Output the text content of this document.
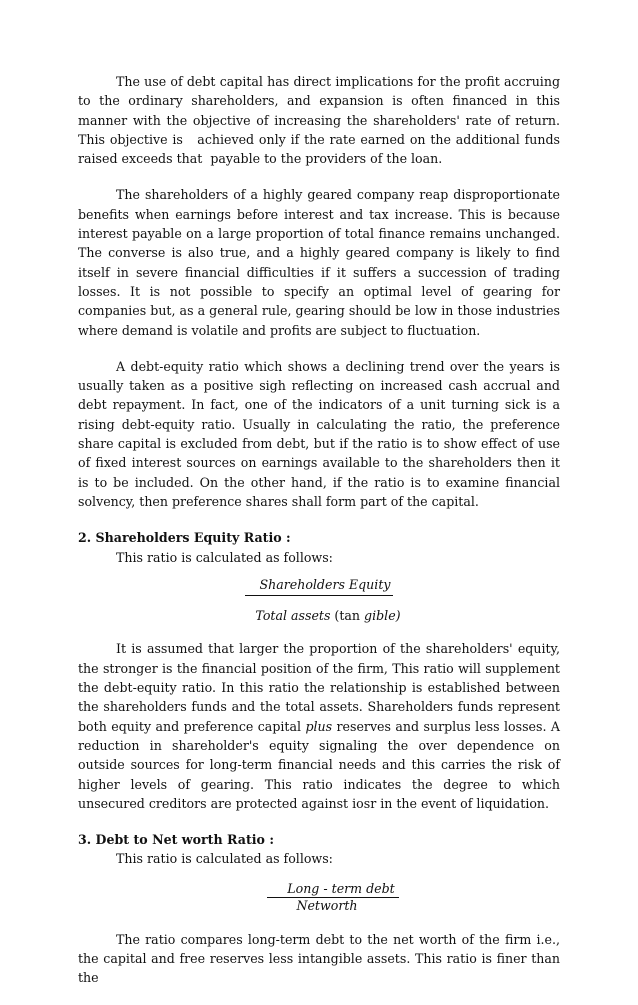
The use of debt capital has direct implications for the profit accruing to the ordinary shareholders, and expansion is often financed in this manner with the objective of increasing the shareholders' rate of return. This objective is   achieved only if the rate earned on the additional funds raised exceeds that  payable to the providers of the loan.

The shareholders of a highly geared company reap disproportionate benefits when earnings before interest and tax increase. This is because interest payable on a large proportion of total finance remains unchanged. The converse is also true, and a highly geared company is likely to find itself in severe financial difficulties if it suffers a succession of trading losses. It is not possible to specify an optimal level of gearing for companies but, as a general rule, gearing should be low in those industries where demand is volatile and profits are subject to fluctuation.

A debt-equity ratio which shows a declining trend over the years is usually taken as a positive sigh reflecting on increased cash accrual and debt repayment. In fact, one of the indicators of a unit turning sick is a rising debt-equity ratio. Usually in calculating the ratio, the preference share capital is excluded from debt, but if the ratio is to show effect of use of fixed interest sources on earnings available to the shareholders then it is to be included. On the other hand, if the ratio is to examine financial solvency, then preference shares shall form part of the capital.

2. Shareholders Equity Ratio :

This ratio is calculated as follows:

Shareholders Equity
Total assets (tan gible)

It is assumed that larger the proportion of the shareholders' equity, the stronger is the financial position of the firm, This ratio will supplement the debt-equity ratio. In this ratio the relationship is established between the shareholders funds and the total assets. Shareholders funds represent both equity and preference capital plus reserves and surplus less losses. A reduction in shareholder's equity signaling the over dependence on outside sources for long-term financial needs and this carries the risk of higher levels of gearing. This ratio indicates the degree to which unsecured creditors are protected against iosr in the event of liquidation.

3. Debt to Net worth Ratio :

This ratio is calculated as follows:

Long - term debt
Networth

The ratio compares long-term debt to the net worth of the firm i.e., the capital and free reserves less intangible assets. This ratio is finer than the
